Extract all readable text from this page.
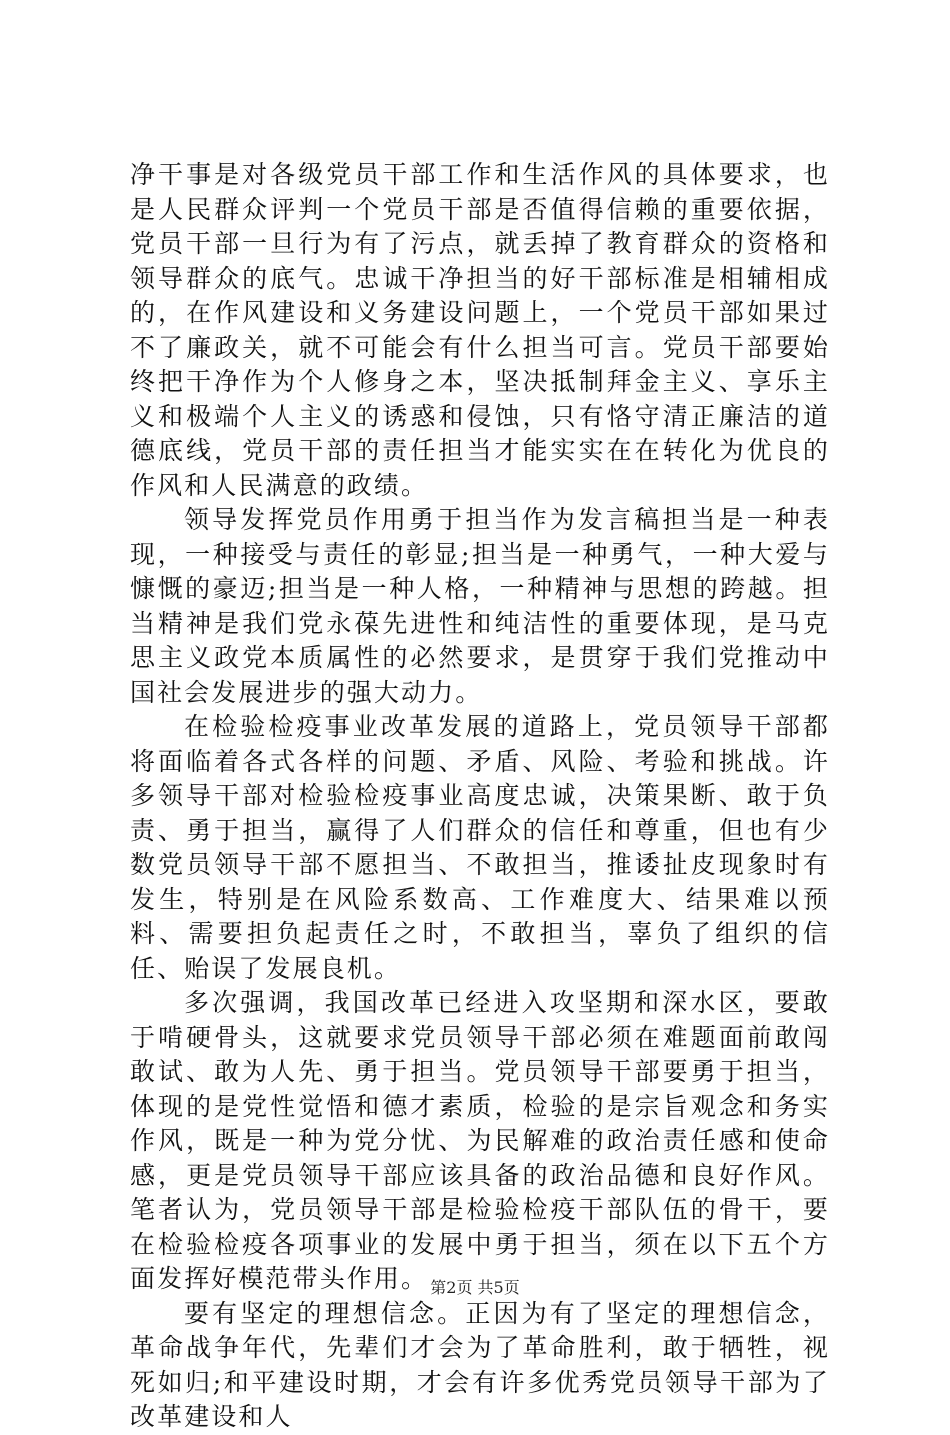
净干事是对各级党员干部工作和生活作风的具体要求，也是人民群众评判一个党员干部是否值得信赖的重要依据，党员干部一旦行为有了污点，就丢掉了教育群众的资格和领导群众的底气。忠诚干净担当的好干部标准是相辅相成的，在作风建设和义务建设问题上，一个党员干部如果过不了廉政关，就不可能会有什么担当可言。党员干部要始终把干净作为个人修身之本，坚决抵制拜金主义、享乐主义和极端个人主义的诱惑和侵蚀，只有恪守清正廉洁的道德底线，党员干部的责任担当才能实实在在转化为优良的作风和人民满意的政绩。

领导发挥党员作用勇于担当作为发言稿担当是一种表现，一种接受与责任的彰显;担当是一种勇气，一种大爱与慷慨的豪迈;担当是一种人格，一种精神与思想的跨越。担当精神是我们党永葆先进性和纯洁性的重要体现，是马克思主义政党本质属性的必然要求，是贯穿于我们党推动中国社会发展进步的强大动力。

在检验检疫事业改革发展的道路上，党员领导干部都将面临着各式各样的问题、矛盾、风险、考验和挑战。许多领导干部对检验检疫事业高度忠诚，决策果断、敢于负责、勇于担当，赢得了人们群众的信任和尊重，但也有少数党员领导干部不愿担当、不敢担当，推诿扯皮现象时有发生，特别是在风险系数高、工作难度大、结果难以预料、需要担负起责任之时，不敢担当，辜负了组织的信任、贻误了发展良机。

多次强调，我国改革已经进入攻坚期和深水区，要敢于啃硬骨头，这就要求党员领导干部必须在难题面前敢闯敢试、敢为人先、勇于担当。党员领导干部要勇于担当，体现的是党性觉悟和德才素质，检验的是宗旨观念和务实作风，既是一种为党分忧、为民解难的政治责任感和使命感，更是党员领导干部应该具备的政治品德和良好作风。笔者认为，党员领导干部是检验检疫干部队伍的骨干，要在检验检疫各项事业的发展中勇于担当，须在以下五个方面发挥好模范带头作用。

要有坚定的理想信念。正因为有了坚定的理想信念，革命战争年代，先辈们才会为了革命胜利，敢于牺牲，视死如归;和平建设时期，才会有许多优秀党员领导干部为了改革建设和人

第2页 共5页
